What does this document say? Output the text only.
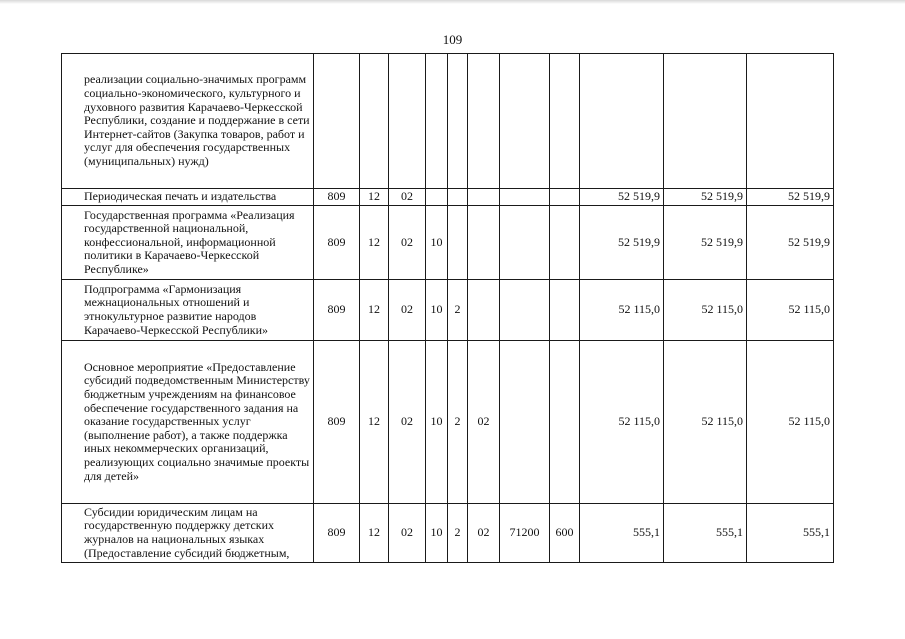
109
реализации социально-значимых программ социально-экономического, культурного и духовного развития Карачаево-Черкесской Республики, создание и поддержание в сети Интернет-сайтов (Закупка товаров, работ и услуг для обеспечения государственных (муниципальных) нужд)											
Периодическая печать и издательства	809	12	02						52 519,9	52 519,9	52 519,9
Государственная программа «Реализация государственной национальной, конфессиональной, информационной политики в Карачаево-Черкесской Республике»	809	12	02	10					52 519,9	52 519,9	52 519,9
Подпрограмма «Гармонизация межнациональных отношений и этнокультурное развитие народов Карачаево-Черкесской Республики»	809	12	02	10	2				52 115,0	52 115,0	52 115,0
Основное мероприятие «Предоставление субсидий подведомственным Министерству бюджетным учреждениям на финансовое обеспечение государственного задания на оказание государственных услуг (выполнение работ), а также поддержка иных некоммерческих организаций, реализующих социально значимые проекты для детей»	809	12	02	10	2	02			52 115,0	52 115,0	52 115,0
Субсидии юридическим лицам на государственную поддержку детских журналов на национальных языках (Предоставление субсидий бюджетным,	809	12	02	10	2	02	71200	600	555,1	555,1	555,1
